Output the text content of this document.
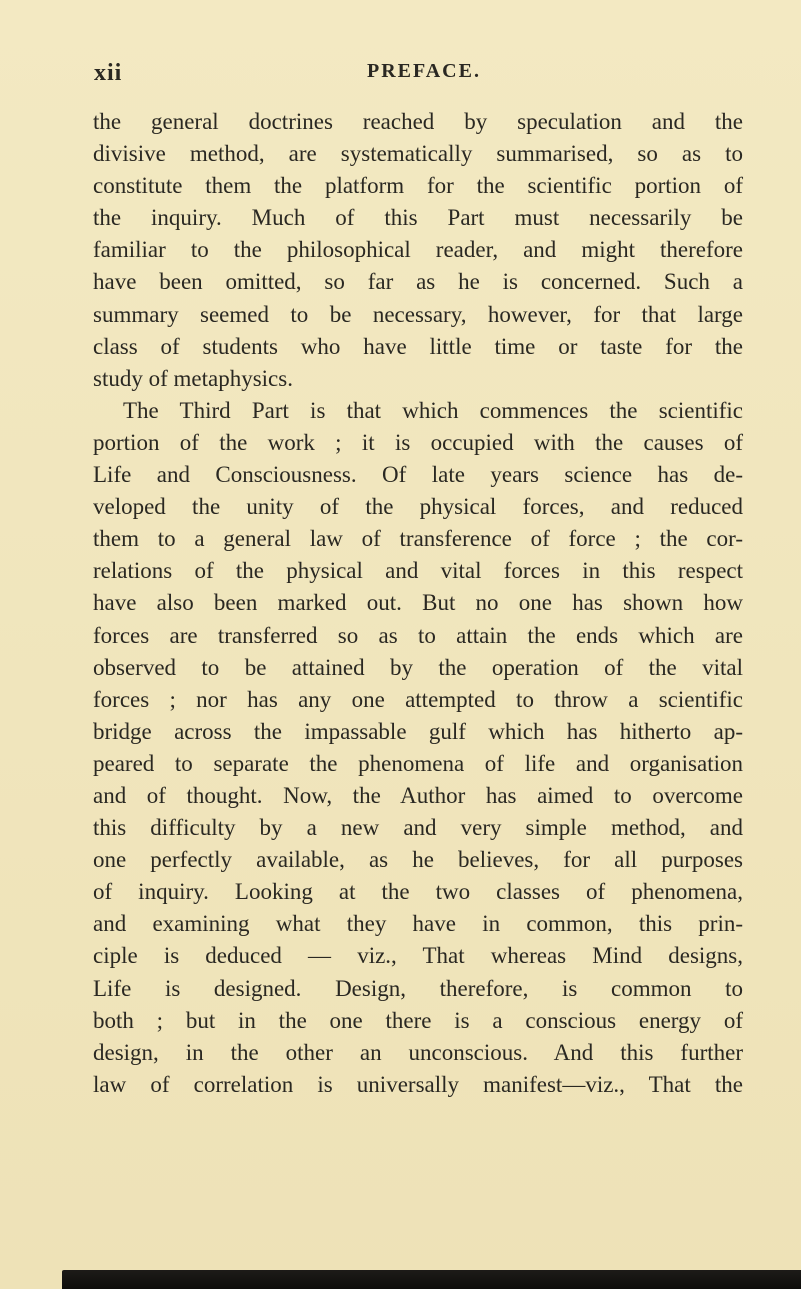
xii	PREFACE.
the general doctrines reached by speculation and the
divisive method, are systematically summarised, so as to
constitute them the platform for the scientific portion of
the inquiry. Much of this Part must necessarily be
familiar to the philosophical reader, and might therefore
have been omitted, so far as he is concerned. Such a
summary seemed to be necessary, however, for that large
class of students who have little time or taste for the
study of metaphysics.
The Third Part is that which commences the scientific
portion of the work ; it is occupied with the causes of
Life and Consciousness. Of late years science has de-
veloped the unity of the physical forces, and reduced
them to a general law of transference of force ; the cor-
relations of the physical and vital forces in this respect
have also been marked out. But no one has shown how
forces are transferred so as to attain the ends which are
observed to be attained by the operation of the vital
forces ; nor has any one attempted to throw a scientific
bridge across the impassable gulf which has hitherto ap-
peared to separate the phenomena of life and organisation
and of thought. Now, the Author has aimed to overcome
this difficulty by a new and very simple method, and
one perfectly available, as he believes, for all purposes
of inquiry. Looking at the two classes of phenomena,
and examining what they have in common, this prin-
ciple is deduced — viz., That whereas Mind designs,
Life is designed. Design, therefore, is common to
both ; but in the one there is a conscious energy of
design, in the other an unconscious. And this further
law of correlation is universally manifest—viz., That the
